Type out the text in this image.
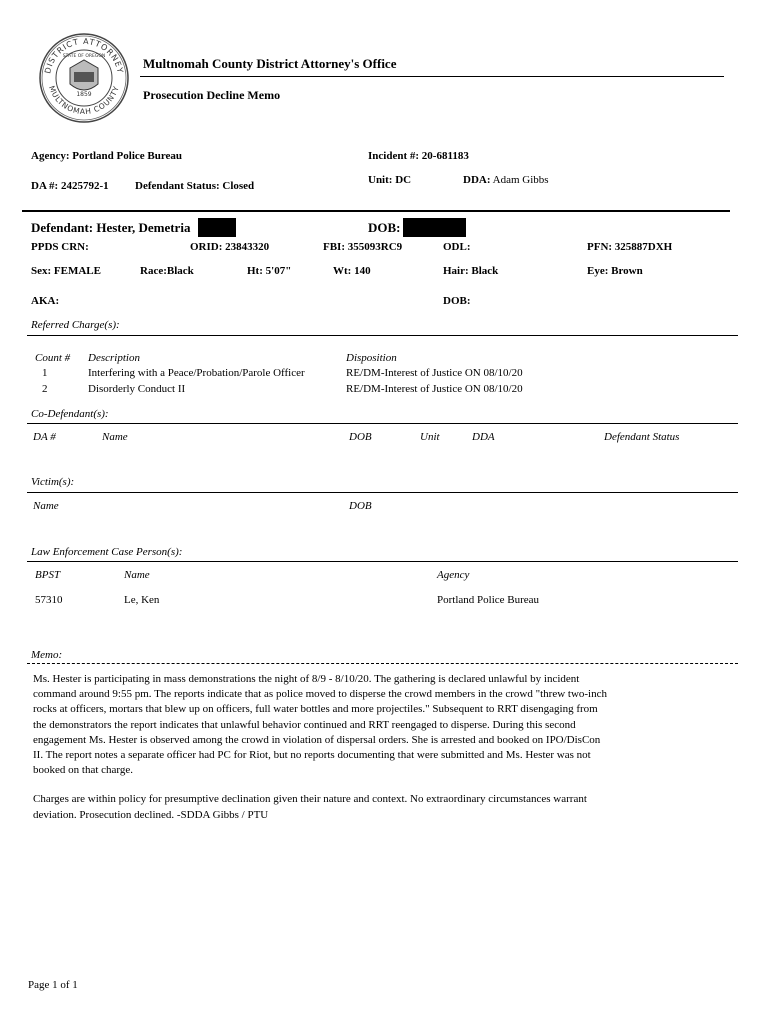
DISTRICT ATTORNEY
MULTNOMAH COUNTY
1859
STATE OF OREGON	Multnomah County District Attorney's Office
Prosecution Decline Memo
Agency: Portland Police Bureau	Incident #: 20-681183
DA #: 2425792-1 Defendant Status: Closed	Unit: DC	DDA: Adam Gibbs
Defendant: Hester, Demetria	DOB:
PPDS CRN:	ORID: 23843320	FBI: 355093RC9	ODL:	PFN: 325887DXH
Sex: FEMALE	Race:Black	Ht: 5'07"	Wt: 140	Hair: Black	Eye: Brown
AKA:	DOB:
Referred Charge(s):
Count # Description	Disposition
1	Interfering with a Peace/Probation/Parole Officer	RE/DM-Interest of Justice ON 08/10/20
2	Disorderly Conduct II	RE/DM-Interest of Justice ON 08/10/20
Co-Defendant(s):
DA #	Name	DOB	Unit	DDA	Defendant Status
Victim(s):
Name	DOB
Law Enforcement Case Person(s):
BPST	Name	Agency
57310	Le, Ken	Portland Police Bureau
Memo:

Ms. Hester is participating in mass demonstrations the night of 8/9 - 8/10/20. The gathering is declared unlawful by incident command around 9:55 pm. The reports indicate that as police moved to disperse the crowd members in the crowd "threw two-inch rocks at officers, mortars that blew up on officers, full water bottles and more projectiles." Subsequent to RRT disengaging from the demonstrators the report indicates that unlawful behavior continued and RRT reengaged to disperse. During this second engagement Ms. Hester is observed among the crowd in violation of dispersal orders. She is arrested and booked on IPO/DisCon II. The report notes a separate officer had PC for Riot, but no reports documenting that were submitted and Ms. Hester was not booked on that charge.

Charges are within policy for presumptive declination given their nature and context. No extraordinary circumstances warrant deviation. Prosecution declined. -SDDA Gibbs / PTU

Page 1 of 1
